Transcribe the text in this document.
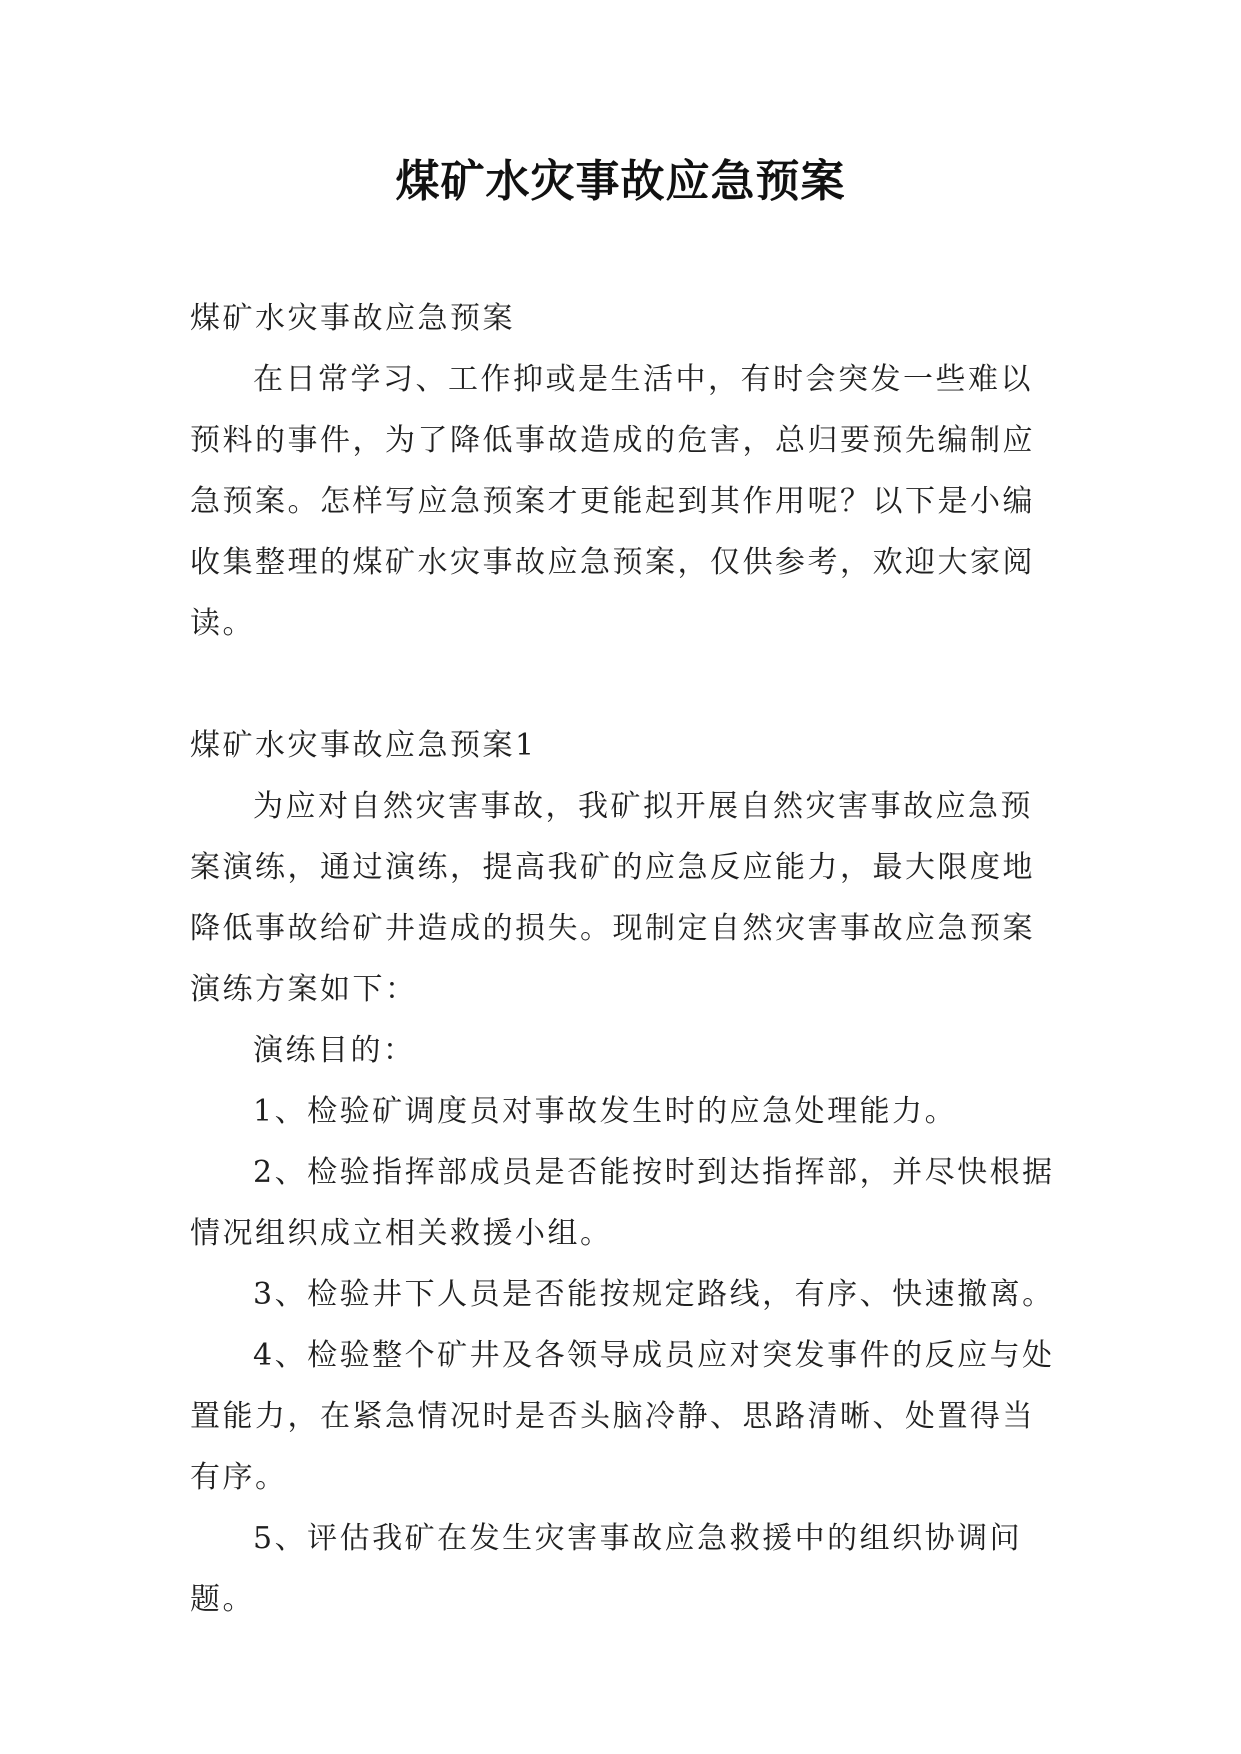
煤矿水灾事故应急预案

煤矿水灾事故应急预案

在日常学习、工作抑或是生活中，有时会突发一些难以预料的事件，为了降低事故造成的危害，总归要预先编制应急预案。怎样写应急预案才更能起到其作用呢？以下是小编收集整理的煤矿水灾事故应急预案，仅供参考，欢迎大家阅读。

煤矿水灾事故应急预案1

为应对自然灾害事故，我矿拟开展自然灾害事故应急预案演练，通过演练，提高我矿的应急反应能力，最大限度地降低事故给矿井造成的损失。现制定自然灾害事故应急预案演练方案如下：

演练目的：

1、检验矿调度员对事故发生时的应急处理能力。

2、检验指挥部成员是否能按时到达指挥部，并尽快根据情况组织成立相关救援小组。

3、检验井下人员是否能按规定路线，有序、快速撤离。

4、检验整个矿井及各领导成员应对突发事件的反应与处置能力，在紧急情况时是否头脑冷静、思路清晰、处置得当有序。

5、评估我矿在发生灾害事故应急救援中的组织协调问题。
